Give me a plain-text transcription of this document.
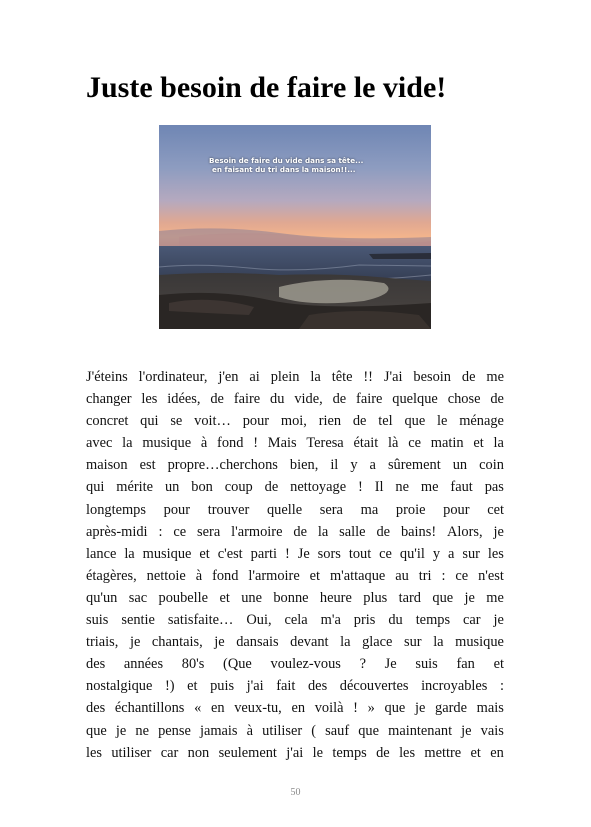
Juste besoin de faire le vide!
Besoin de faire du vide dans sa tête...
en faisant du tri dans la maison!!...
J'éteins l'ordinateur, j'en ai plein la tête !! J'ai besoin de me
changer les idées, de faire du vide, de faire quelque chose de
concret qui se voit… pour moi, rien de tel que le ménage
avec la musique à fond ! Mais Teresa était là ce matin et la
maison est propre…cherchons bien, il y a sûrement un coin
qui mérite un bon coup de nettoyage ! Il ne me faut pas
longtemps pour trouver quelle sera ma proie pour cet
après-midi : ce sera l'armoire de la salle de bains! Alors, je
lance la musique et c'est parti ! Je sors tout ce qu'il y a sur les
étagères, nettoie à fond l'armoire et m'attaque au tri : ce n'est
qu'un sac poubelle et une bonne heure plus tard que je me
suis sentie satisfaite… Oui, cela m'a pris du temps car je
triais, je chantais, je dansais devant la glace sur la musique
des années 80's (Que voulez-vous ? Je suis fan et
nostalgique !) et puis j'ai fait des découvertes incroyables :
des échantillons « en veux-tu, en voilà ! » que je garde mais
que je ne pense jamais à utiliser ( sauf que maintenant je vais
les utiliser car non seulement j'ai le temps de les mettre et en
50
